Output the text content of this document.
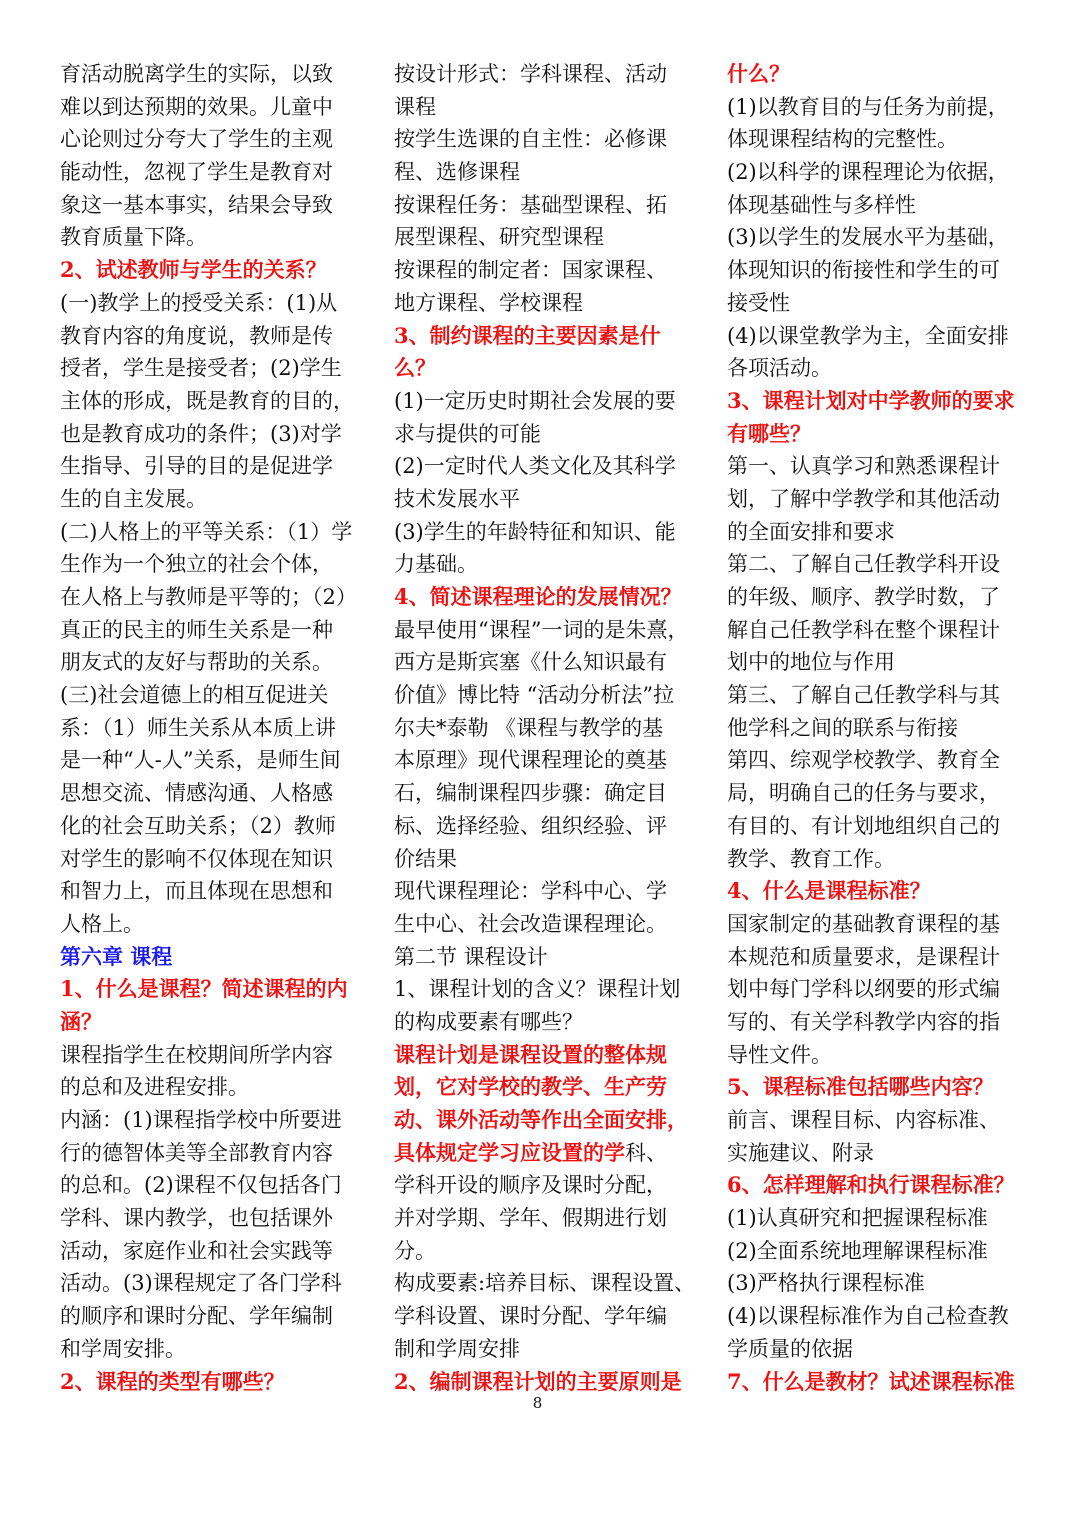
育活动脱离学生的实际，以致
难以到达预期的效果。儿童中
心论则过分夸大了学生的主观
能动性，忽视了学生是教育对
象这一基本事实，结果会导致
教育质量下降。
2、试述教师与学生的关系？
(一)教学上的授受关系：(1)从
教育内容的角度说，教师是传
授者，学生是接受者；(2)学生
主体的形成，既是教育的目的，
也是教育成功的条件；(3)对学
生指导、引导的目的是促进学
生的自主发展。
(二)人格上的平等关系：（1）学
生作为一个独立的社会个体，
在人格上与教师是平等的；（2）
真正的民主的师生关系是一种
朋友式的友好与帮助的关系。
(三)社会道德上的相互促进关
系：（1）师生关系从本质上讲
是一种“人-人”关系，是师生间
思想交流、情感沟通、人格感
化的社会互助关系；（2）教师
对学生的影响不仅体现在知识
和智力上，而且体现在思想和
人格上。
第六章 课程
1、什么是课程？简述课程的内
涵？
课程指学生在校期间所学内容
的总和及进程安排。
内涵：(1)课程指学校中所要进
行的德智体美等全部教育内容
的总和。(2)课程不仅包括各门
学科、课内教学，也包括课外
活动，家庭作业和社会实践等
活动。(3)课程规定了各门学科
的顺序和课时分配、学年编制
和学周安排。
2、课程的类型有哪些？
按设计形式：学科课程、活动
课程
按学生选课的自主性：必修课
程、选修课程
按课程任务：基础型课程、拓
展型课程、研究型课程
按课程的制定者：国家课程、
地方课程、学校课程
3、制约课程的主要因素是什
么？
(1)一定历史时期社会发展的要
求与提供的可能
(2)一定时代人类文化及其科学
技术发展水平
(3)学生的年龄特征和知识、能
力基础。
4、简述课程理论的发展情况？
最早使用“课程”一词的是朱熹，
西方是斯宾塞《什么知识最有
价值》博比特 “活动分析法”拉
尔夫*泰勒 《课程与教学的基
本原理》现代课程理论的奠基
石，编制课程四步骤：确定目
标、选择经验、组织经验、评
价结果
现代课程理论：学科中心、学
生中心、社会改造课程理论。
第二节 课程设计
1、课程计划的含义？课程计划
的构成要素有哪些？
课程计划是课程设置的整体规
划，它对学校的教学、生产劳
动、课外活动等作出全面安排，
具体规定学习应设置的学科、
学科开设的顺序及课时分配，
并对学期、学年、假期进行划
分。
构成要素:培养目标、课程设置、
学科设置、课时分配、学年编
制和学周安排
2、编制课程计划的主要原则是
什么？
(1)以教育目的与任务为前提，
体现课程结构的完整性。
(2)以科学的课程理论为依据，
体现基础性与多样性
(3)以学生的发展水平为基础，
体现知识的衔接性和学生的可
接受性
(4)以课堂教学为主，全面安排
各项活动。
3、课程计划对中学教师的要求
有哪些？
第一、认真学习和熟悉课程计
划，了解中学教学和其他活动
的全面安排和要求
第二、了解自己任教学科开设
的年级、顺序、教学时数，了
解自己任教学科在整个课程计
划中的地位与作用
第三、了解自己任教学科与其
他学科之间的联系与衔接
第四、综观学校教学、教育全
局，明确自己的任务与要求，
有目的、有计划地组织自己的
教学、教育工作。
4、什么是课程标准？
国家制定的基础教育课程的基
本规范和质量要求，是课程计
划中每门学科以纲要的形式编
写的、有关学科教学内容的指
导性文件。
5、课程标准包括哪些内容？
前言、课程目标、内容标准、
实施建议、附录
6、怎样理解和执行课程标准？
(1)认真研究和把握课程标准
(2)全面系统地理解课程标准
(3)严格执行课程标准
(4)以课程标准作为自己检查教
学质量的依据
7、什么是教材？试述课程标准
8
